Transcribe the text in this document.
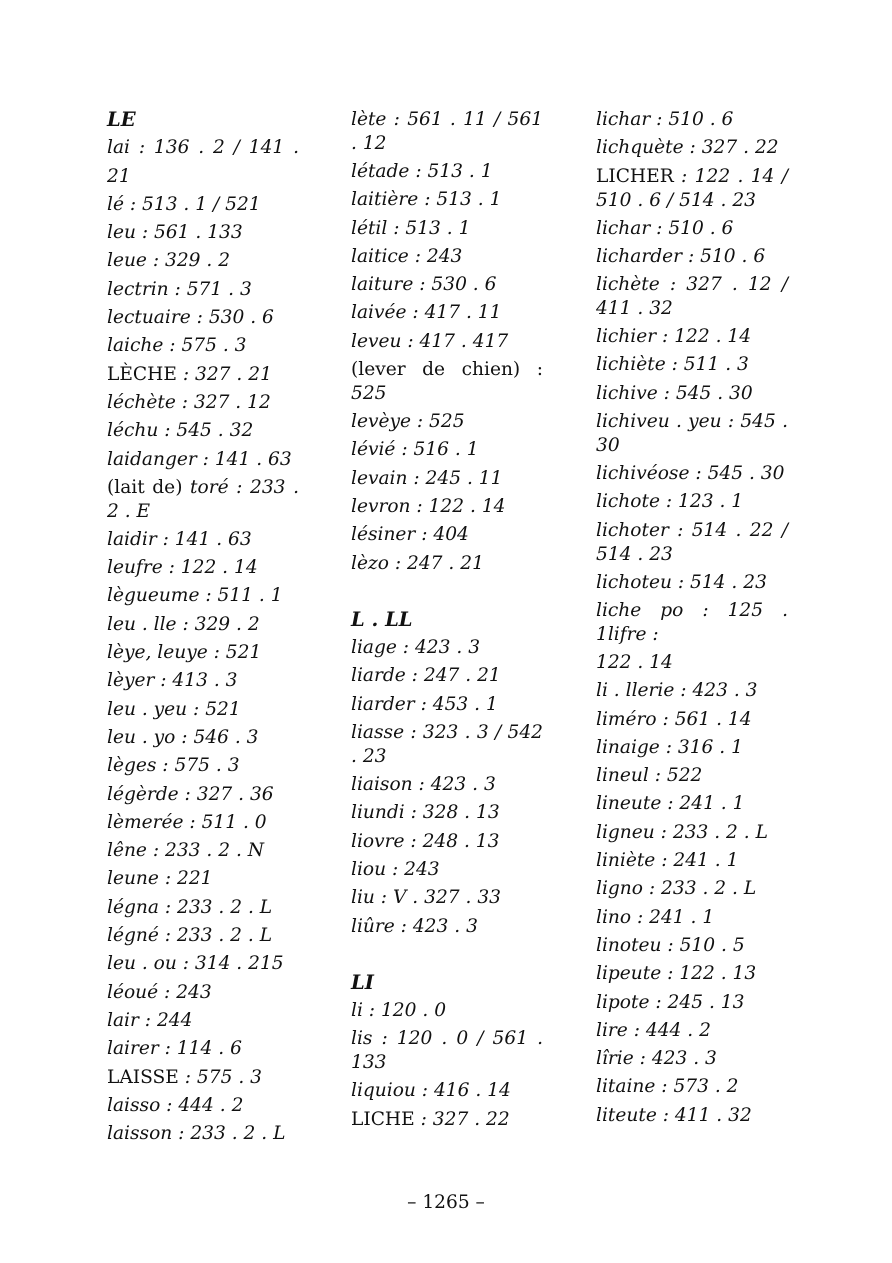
LE
lai : 136 . 2 / 141 . 21
lé : 513 . 1 / 521
leu : 561 . 133
leue : 329 . 2
lectrin : 571 . 3
lectuaire : 530 . 6
laiche : 575 . 3
LÈCHE : 327 . 21
léchète : 327 . 12
léchu : 545 . 32
laidanger : 141 . 63
(lait de) toré : 233 . 2 . E
laidir : 141 . 63
leufre : 122 . 14
lègueume : 511 . 1
leu . lle : 329 . 2
lèye, leuye : 521
lèyer : 413 . 3
leu . yeu : 521
leu . yo : 546 . 3
lèges : 575 . 3
légèrde : 327 . 36
lèmerée : 511 . 0
lêne : 233 . 2 . N
leune : 221
légna : 233 . 2 . L
légné : 233 . 2 . L
leu . ou : 314 . 215
léoué : 243
lair : 244
lairer : 114 . 6
LAISSE : 575 . 3
laisso : 444 . 2
laisson : 233 . 2 . L
lète : 561 . 11 / 561 . 12
létade : 513 . 1
laitière : 513 . 1
létil : 513 . 1
laitice : 243
laiture : 530 . 6
laivée : 417 . 11
leveu : 417 . 417
(lever de chien) : 525
levèye : 525
lévié : 516 . 1
levain : 245 . 11
levron : 122 . 14
lésiner : 404
lèzo : 247 . 21
L . LL
liage : 423 . 3
liarde : 247 . 21
liarder : 453 . 1
liasse : 323 . 3 / 542 . 23
liaison : 423 . 3
liundi : 328 . 13
liovre : 248 . 13
liou : 243
liu : V . 327 . 33
liûre : 423 . 3
LI
li : 120 . 0
lis : 120 . 0 / 561 . 133
liquiou : 416 . 14
LICHE : 327 . 22
lichar : 510 . 6
lichquète : 327 . 22
LICHER : 122 . 14 / 510 . 6 / 514 . 23
lichar : 510 . 6
licharder : 510 . 6
lichète : 327 . 12 / 411 . 32
lichier : 122 . 14
lichiète : 511 . 3
lichive : 545 . 30
lichiveu . yeu : 545 . 30
lichivéose : 545 . 30
lichote : 123 . 1
lichoter : 514 . 22 / 514 . 23
lichoteu : 514 . 23
liche po : 125 . 1lifre :
122 . 14
li . llerie : 423 . 3
liméro : 561 . 14
linaige : 316 . 1
lineul : 522
lineute : 241 . 1
ligneu : 233 . 2 . L
liniète : 241 . 1
ligno : 233 . 2 . L
lino : 241 . 1
linoteu : 510 . 5
lipeute : 122 . 13
lipote : 245 . 13
lire : 444 . 2
lîrie : 423 . 3
litaine : 573 . 2
liteute : 411 . 32
– 1265 –
